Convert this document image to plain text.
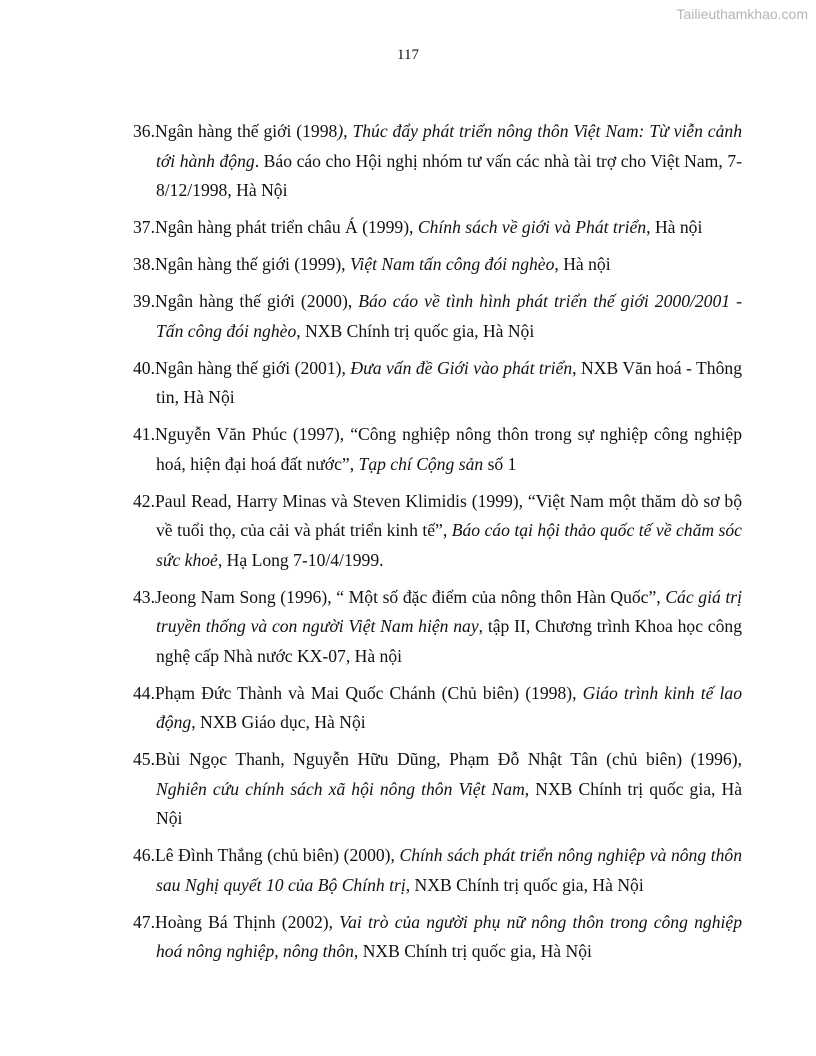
Tailieuthamkhao.com
117
36.Ngân hàng thế giới (1998), Thúc đẩy phát triển nông thôn Việt Nam: Từ viễn cảnh tới hành động. Báo cáo cho Hội nghị nhóm tư vấn các nhà tài trợ cho Việt Nam, 7-8/12/1998, Hà Nội
37.Ngân hàng phát triển châu Á (1999), Chính sách về giới và Phát triển, Hà nội
38.Ngân hàng thế giới (1999), Việt Nam tấn công đói nghèo, Hà nội
39.Ngân hàng thế giới (2000), Báo cáo về tình hình phát triển thế giới 2000/2001 - Tấn công đói nghèo, NXB Chính trị quốc gia, Hà Nội
40.Ngân hàng thế giới (2001), Đưa vấn đề Giới vào phát triển, NXB Văn hoá - Thông tin, Hà Nội
41.Nguyễn Văn Phúc (1997), “Công nghiệp nông thôn trong sự nghiệp công nghiệp hoá, hiện đại hoá đất nước”, Tạp chí Cộng sản số 1
42.Paul Read, Harry Minas và Steven Klimidis (1999), “Việt Nam một thăm dò sơ bộ về tuổi thọ, của cải và phát triển kinh tế”, Báo cáo tại hội thảo quốc tế về chăm sóc sức khoẻ, Hạ Long 7-10/4/1999.
43.Jeong Nam Song (1996), “ Một số đặc điểm của nông thôn Hàn Quốc”, Các giá trị truyền thống và con người Việt Nam hiện nay, tập II, Chương trình Khoa học công nghệ cấp Nhà nước KX-07, Hà nội
44.Phạm Đức Thành và Mai Quốc Chánh (Chủ biên) (1998), Giáo trình kinh tế lao động, NXB Giáo dục, Hà Nội
45.Bùi Ngọc Thanh, Nguyễn Hữu Dũng, Phạm Đỗ Nhật Tân (chủ biên) (1996), Nghiên cứu chính sách xã hội nông thôn Việt Nam, NXB Chính trị quốc gia, Hà Nội
46.Lê Đình Thắng (chủ biên) (2000), Chính sách phát triển nông nghiệp và nông thôn sau Nghị quyết 10 của Bộ Chính trị, NXB Chính trị quốc gia, Hà Nội
47.Hoàng Bá Thịnh (2002), Vai trò của người phụ nữ nông thôn trong công nghiệp hoá nông nghiệp, nông thôn, NXB Chính trị quốc gia, Hà Nội
